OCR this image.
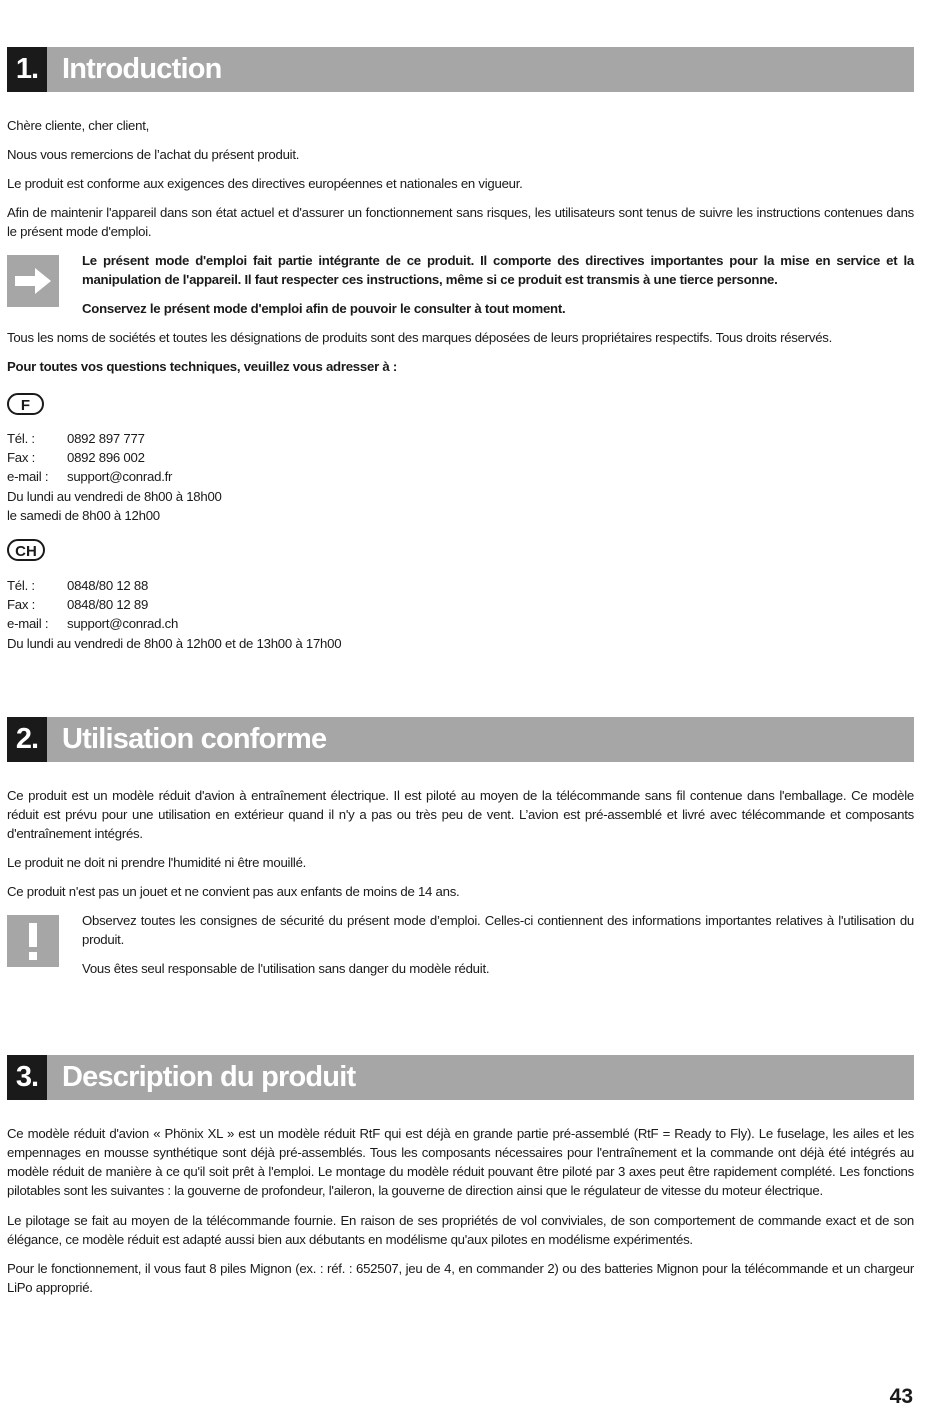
1. Introduction

Chère cliente, cher client,

Nous vous remercions de l’achat du présent produit.

Le produit est conforme aux exigences des directives européennes et nationales en vigueur.

Afin de maintenir l'appareil dans son état actuel et d'assurer un fonctionnement sans risques, les utilisateurs sont tenus de suivre les instructions contenues dans le présent mode d'emploi.

Le présent mode d'emploi fait partie intégrante de ce produit. Il comporte des directives importantes pour la mise en service et la manipulation de l'appareil. Il faut respecter ces instructions, même si ce produit est transmis à une tierce personne.

Conservez le présent mode d'emploi afin de pouvoir le consulter à tout moment.

Tous les noms de sociétés et toutes les désignations de produits sont des marques déposées de leurs propriétaires respectifs. Tous droits réservés.

Pour toutes vos questions techniques, veuillez vous adresser à :

F
Tél. :	0892 897 777
Fax :	0892 896 002
e-mail :	support@conrad.fr
Du lundi au vendredi de 8h00 à 18h00
le samedi de 8h00 à 12h00
CH
Tél. :	0848/80 12 88
Fax :	0848/80 12 89
e-mail :	support@conrad.ch
Du lundi au vendredi de 8h00 à 12h00 et de 13h00 à 17h00
2. Utilisation conforme

Ce produit est un modèle réduit d'avion à entraînement électrique. Il est piloté au moyen de la télécommande sans fil contenue dans l'emballage. Ce modèle réduit est prévu pour une utilisation en extérieur quand il n'y a pas ou très peu de vent. L’avion est pré-assemblé et livré avec télécommande et composants d'entraînement intégrés.

Le produit ne doit ni prendre l'humidité ni être mouillé.

Ce produit n'est pas un jouet et ne convient pas aux enfants de moins de 14 ans.

Observez toutes les consignes de sécurité du présent mode d’emploi. Celles-ci contiennent des informations importantes relatives à l'utilisation du produit.

Vous êtes seul responsable de l'utilisation sans danger du modèle réduit.

3. Description du produit

Ce modèle réduit d'avion « Phönix XL » est un modèle réduit RtF qui est déjà en grande partie pré-assemblé (RtF = Ready to Fly). Le fuselage, les ailes et les empennages en mousse synthétique sont déjà pré-assemblés. Tous les composants nécessaires pour l'entraînement et la commande ont déjà été intégrés au modèle réduit de manière à ce qu'il soit prêt à l'emploi. Le montage du modèle réduit pouvant être piloté par 3 axes peut être rapidement complété. Les fonctions pilotables sont les suivantes : la gouverne de profondeur, l'aileron, la gouverne de direction ainsi que le régulateur de vitesse du moteur électrique.

Le pilotage se fait au moyen de la télécommande fournie. En raison de ses propriétés de vol conviviales, de son comportement de commande exact et de son élégance, ce modèle réduit est adapté aussi bien aux débutants en modélisme qu'aux pilotes en modélisme expérimentés.

Pour le fonctionnement, il vous faut 8 piles Mignon (ex. : réf. : 652507, jeu de 4, en commander 2) ou des batteries Mignon pour la télécommande et un chargeur LiPo approprié.

43
